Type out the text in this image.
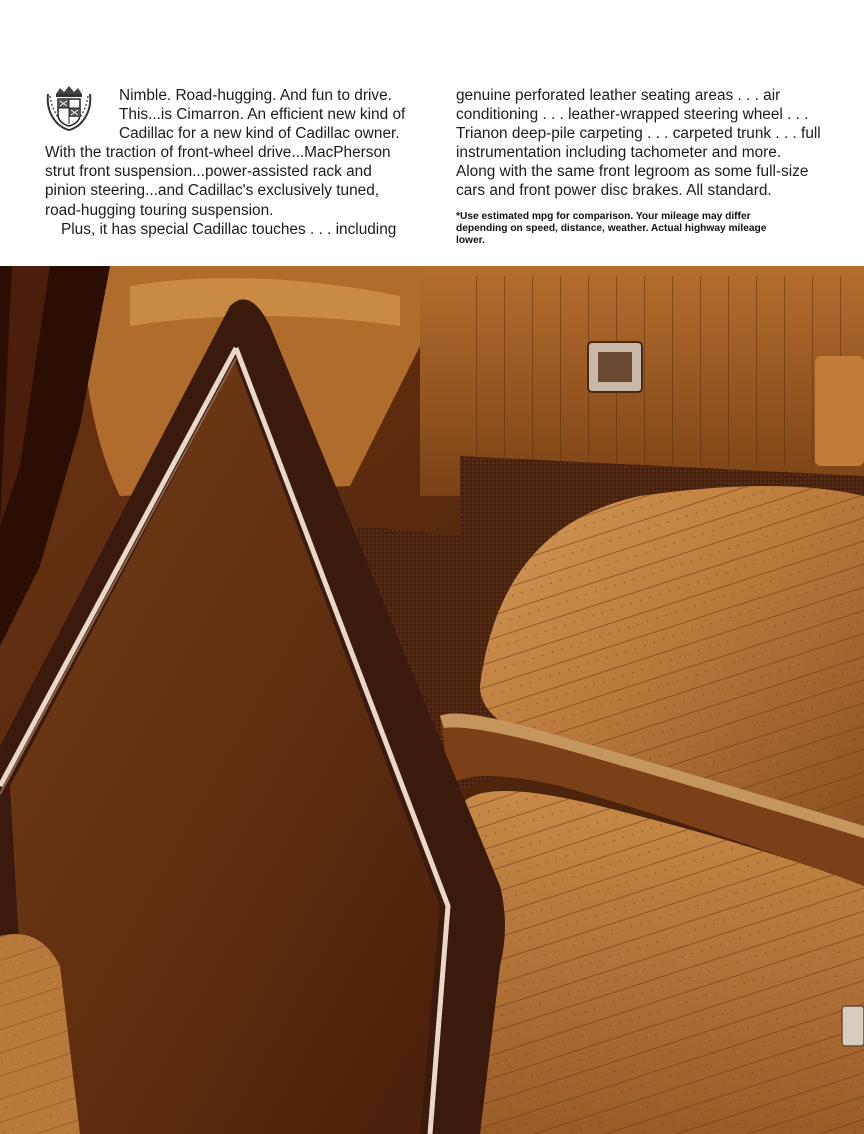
Nimble. Road-hugging. And fun to drive.
This...is Cimarron. An efficient new kind of
Cadillac for a new kind of Cadillac owner.
With the traction of front-wheel drive...MacPherson
strut front suspension...power-assisted rack and
pinion steering...and Cadillac's exclusively tuned,
road-hugging touring suspension.
Plus, it has special Cadillac touches . . . including
genuine perforated leather seating areas . . . air
conditioning . . . leather-wrapped steering wheel . . .
Trianon deep-pile carpeting . . . carpeted trunk . . . full
instrumentation including tachometer and more.
Along with the same front legroom as some full-size
cars and front power disc brakes. All standard.
*Use estimated mpg for comparison. Your mileage may differ
depending on speed, distance, weather. Actual highway mileage
lower.
